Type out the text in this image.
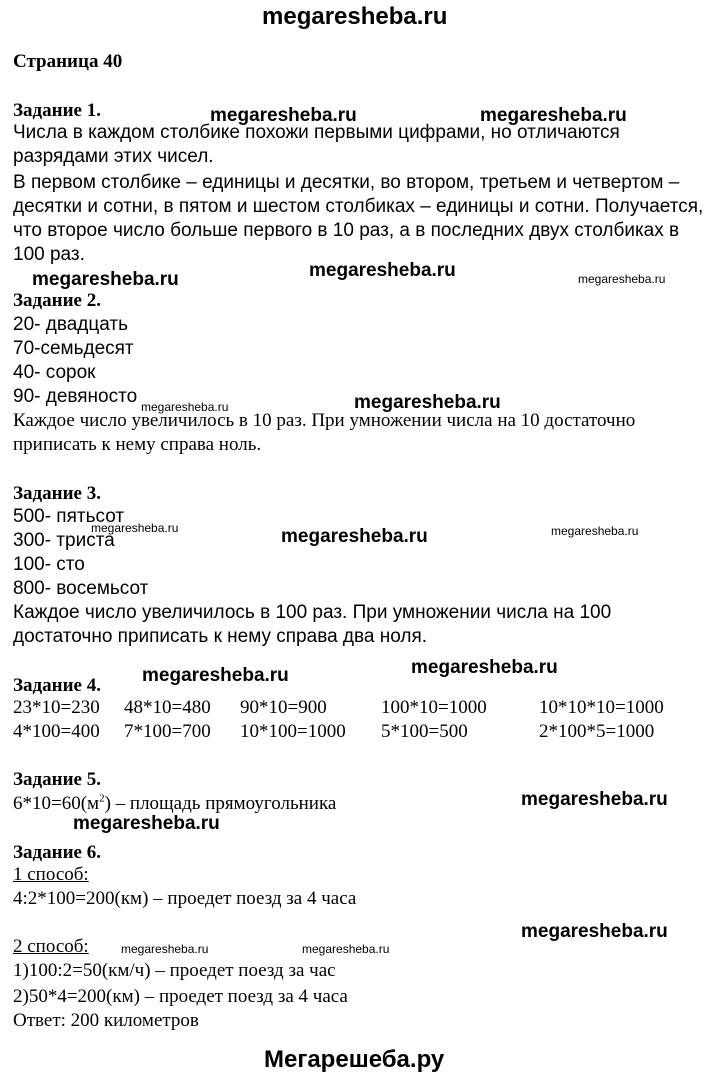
megaresheba.ru
Страница 40
Задание 1.
Числа в каждом столбике похожи первыми цифрами, но отличаются
разрядами этих чисел.
В первом столбике – единицы и десятки, во втором, третьем и четвертом –
десятки и сотни, в пятом и шестом столбиках – единицы и сотни. Получается,
что второе число больше первого в 10 раз, а в последних двух столбиках в
100 раз.
Задание 2.
20- двадцать
70-семьдесят
40- сорок
90- девяносто
Каждое число увеличилось в 10 раз. При умножении числа на 10 достаточно
приписать к нему справа ноль.
Задание 3.
500- пятьсот
300- триста
100- сто
800- восемьсот
Каждое число увеличилось в 100 раз. При умножении числа на 100
достаточно приписать к нему справа два ноля.
Задание 4.
23*10=230 48*10=480 90*10=900	100*10=1000	10*10*10=1000
4*100=400 7*100=700 10*100=1000 5*100=500	2*100*5=1000
Задание 5.
$6*10=60(м^2)$ – площадь прямоугольника
Задание 6.
1 способ:
4:2*100=200(км) – проедет поезд за 4 часа
2 способ:
1)100:2=50(км/ч) – проедет поезд за час
2)50*4=200(км) – проедет поезд за 4 часа
Ответ: 200 километров
megaresheba.ru	megaresheba.ru
megaresheba.ru	megaresheba.ru
megaresheba.ru
megaresheba.ru
megaresheba.ru
megaresheba.ru
megaresheba.ru
megaresheba.ru
megaresheba.ru
megaresheba.ru
megaresheba.ru
megaresheba.ru	megaresheba.ru
megaresheba.ru	megaresheba.ru
Мегарешеба.ру
